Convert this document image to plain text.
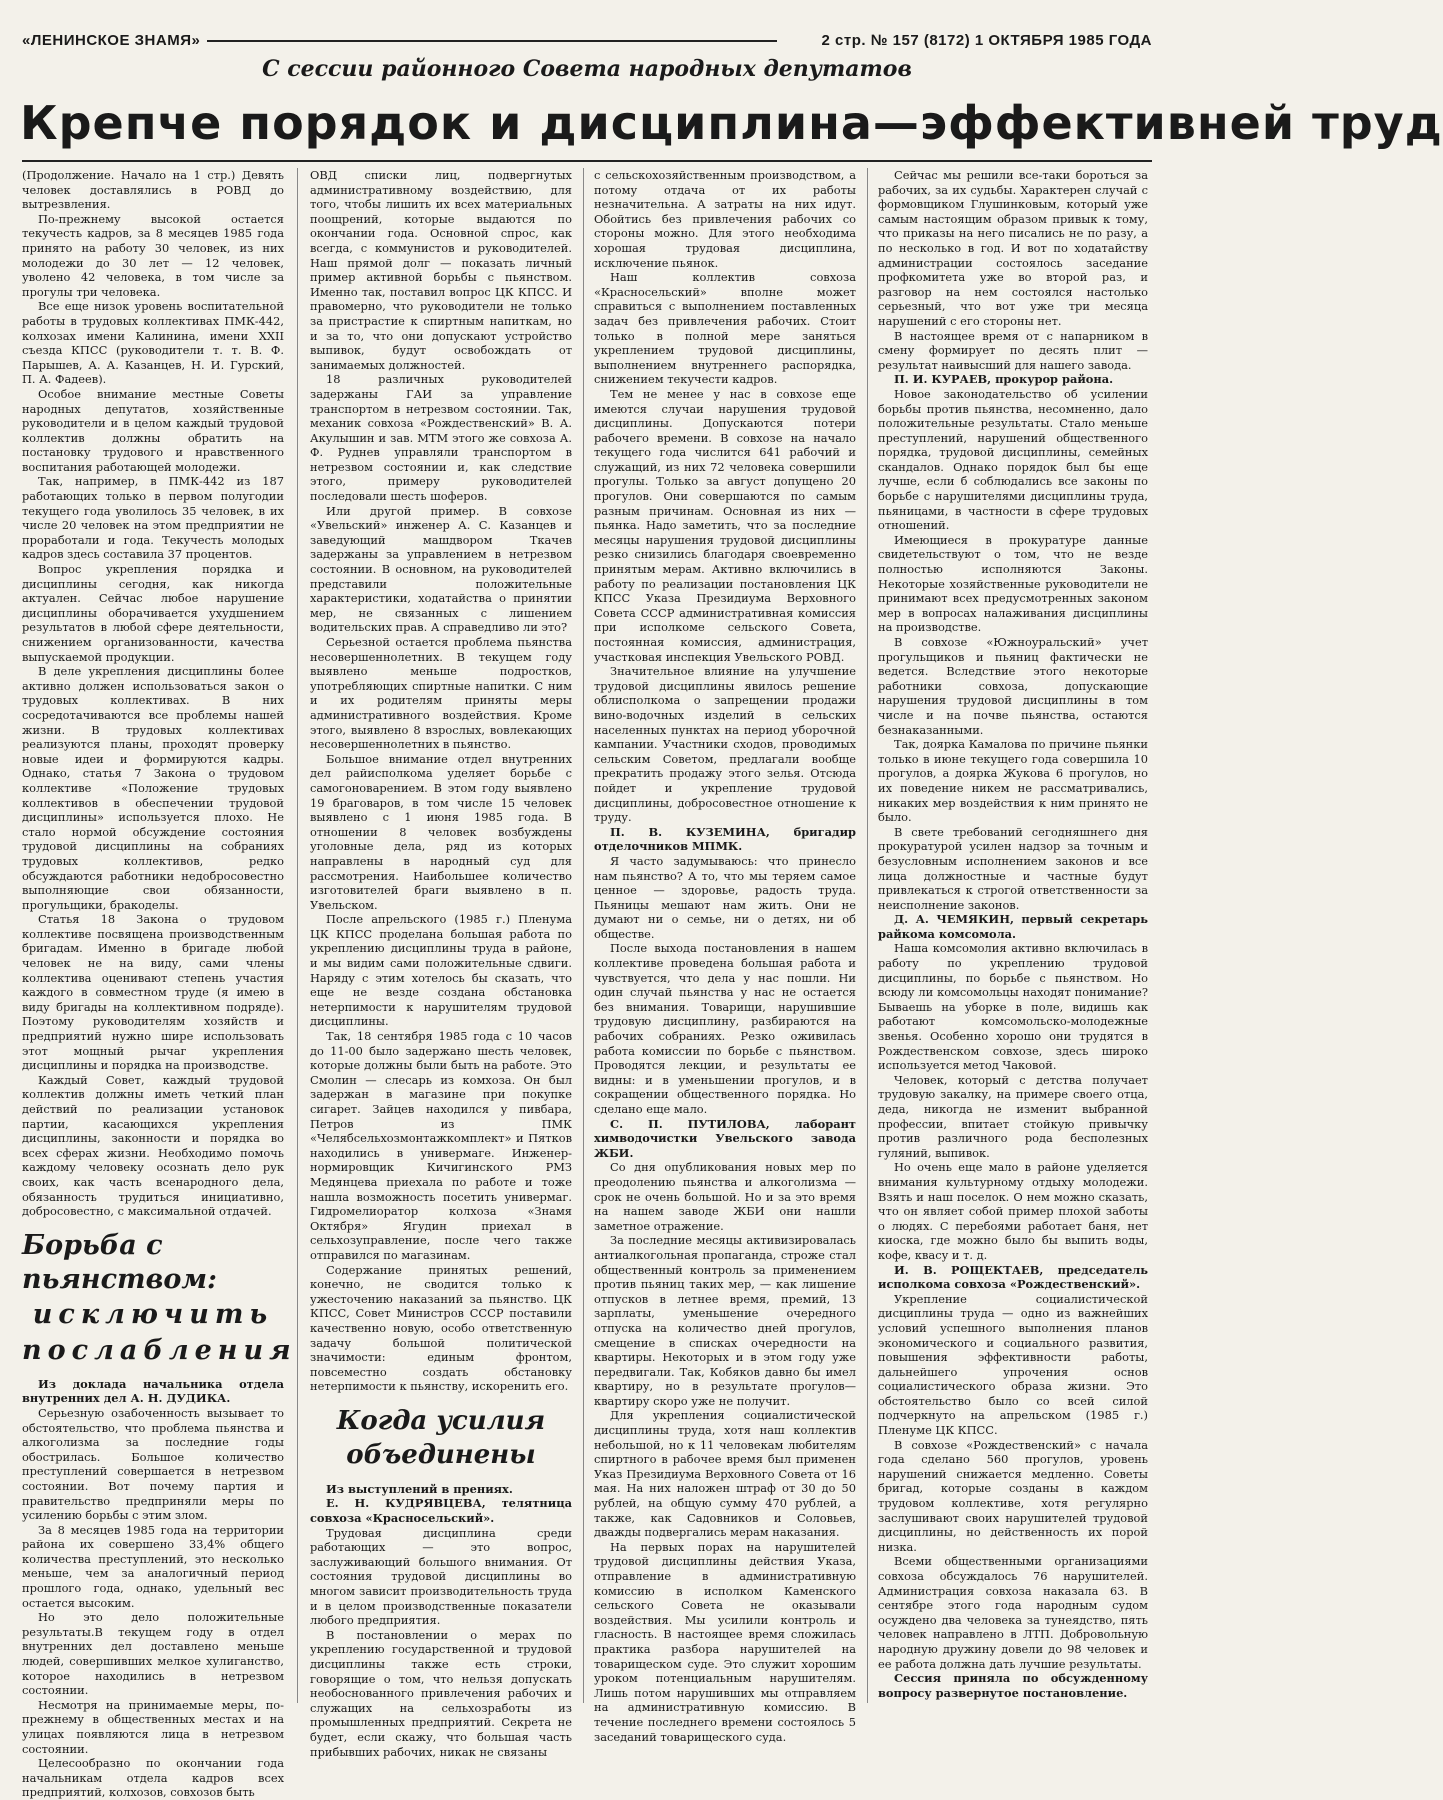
«ЛЕНИНСКОЕ ЗНАМЯ»	2 стр. № 157 (8172) 1 ОКТЯБРЯ 1985 ГОДА
С сессии районного Совета народных депутатов
Крепче порядок и дисциплина—эффективней труд

(Продолжение. Начало на 1 стр.) Девять человек доставлялись в РОВД до вытрезвления.

По-прежнему высокой остается текучесть кадров, за 8 месяцев 1985 года принято на работу 30 человек, из них молодежи до 30 лет — 12 человек, уволено 42 человека, в том числе за прогулы три человека.

Все еще низок уровень воспитательной работы в трудовых коллективах ПМК-442, колхозах имени Калинина, имени XXII съезда КПСС (руководители т. т. В. Ф. Парышев, А. А. Казанцев, Н. И. Гурский, П. А. Фадеев).

Особое внимание местные Советы народных депутатов, хозяйственные руководители и в целом каждый трудовой коллектив должны обратить на постановку трудового и нравственного воспитания работающей молодежи.

Так, например, в ПМК-442 из 187 работающих только в первом полугодии текущего года уволилось 35 человек, в их числе 20 человек на этом предприятии не проработали и года. Текучесть молодых кадров здесь составила 37 процентов.

Вопрос укрепления порядка и дисциплины сегодня, как никогда актуален. Сейчас любое нарушение дисциплины оборачивается ухудшением результатов в любой сфере деятельности, снижением организованности, качества выпускаемой продукции.

В деле укрепления дисциплины более активно должен использоваться закон о трудовых коллективах. В них сосредотачиваются все проблемы нашей жизни. В трудовых коллективах реализуются планы, проходят проверку новые идеи и формируются кадры. Однако, статья 7 Закона о трудовом коллективе «Положение трудовых коллективов в обеспечении трудовой дисциплины» используется плохо. Не стало нормой обсуждение состояния трудовой дисциплины на собраниях трудовых коллективов, редко обсуждаются работники недобросовестно выполняющие свои обязанности, прогульщики, бракоделы.

Статья 18 Закона о трудовом коллективе посвящена производственным бригадам. Именно в бригаде любой человек не на виду, сами члены коллектива оценивают степень участия каждого в совместном труде (я имею в виду бригады на коллективном подряде). Поэтому руководителям хозяйств и предприятий нужно шире использовать этот мощный рычаг укрепления дисциплины и порядка на производстве.

Каждый Совет, каждый трудовой коллектив должны иметь четкий план действий по реализации установок партии, касающихся укрепления дисциплины, законности и порядка во всех сферах жизни. Необходимо помочь каждому человеку осознать дело рук своих, как часть всенародного дела, обязанность трудиться инициативно, добросовестно, с максимальной отдачей.

Борьба с пьянством:
исключить
послабления

Из доклада начальника отдела внутренних дел А. Н. ДУДИКА.

Серьезную озабоченность вызывает то обстоятельство, что проблема пьянства и алкоголизма за последние годы обострилась. Большое количество преступлений совершается в нетрезвом состоянии. Вот почему партия и правительство предприняли меры по усилению борьбы с этим злом.

За 8 месяцев 1985 года на территории района их совершено 33,4% общего количества преступлений, это несколько меньше, чем за аналогичный период прошлого года, однако, удельный вес остается высоким.

Но это дело положительные результаты.В текущем году в отдел внутренних дел доставлено меньше людей, совершивших мелкое хулиганство, которое находились в нетрезвом состоянии.

Несмотря на принимаемые меры, по-прежнему в общественных местах и на улицах появляются лица в нетрезвом состоянии.

Целесообразно по окончании года начальникам отдела кадров всех предприятий, колхозов, совхозов быть

ОВД списки лиц, подвергнутых административному воздействию, для того, чтобы лишить их всех материальных поощрений, которые выдаются по окончании года. Основной спрос, как всегда, с коммунистов и руководителей. Наш прямой долг — показать личный пример активной борьбы с пьянством. Именно так, поставил вопрос ЦК КПСС. И правомерно, что руководители не только за пристрастие к спиртным напиткам, но и за то, что они допускают устройство выпивок, будут освобождать от занимаемых должностей.

18 различных руководителей задержаны ГАИ за управление транспортом в нетрезвом состоянии. Так, механик совхоза «Рождественский» В. А. Акулышин и зав. МТМ этого же совхоза А. Ф. Руднев управляли транспортом в нетрезвом состоянии и, как следствие этого, примеру руководителей последовали шесть шоферов.

Или другой пример. В совхозе «Увельский» инженер А. С. Казанцев и заведующий машдвором Ткачев задержаны за управлением в нетрезвом состоянии. В основном, на руководителей представили положительные характеристики, ходатайства о принятии мер, не связанных с лишением водительских прав. А справедливо ли это?

Серьезной остается проблема пьянства несовершеннолетних. В текущем году выявлено меньше подростков, употребляющих спиртные напитки. С ним и их родителям приняты меры административного воздействия. Кроме этого, выявлено 8 взрослых, вовлекающих несовершеннолетних в пьянство.

Большое внимание отдел внутренних дел райисполкома уделяет борьбе с самогоноварением. В этом году выявлено 19 браговаров, в том числе 15 человек выявлено с 1 июня 1985 года. В отношении 8 человек возбуждены уголовные дела, ряд из которых направлены в народный суд для рассмотрения. Наибольшее количество изготовителей браги выявлено в п. Увельском.

После апрельского (1985 г.) Пленума ЦК КПСС проделана большая работа по укреплению дисциплины труда в районе, и мы видим сами положительные сдвиги. Наряду с этим хотелось бы сказать, что еще не везде создана обстановка нетерпимости к нарушителям трудовой дисциплины.

Так, 18 сентября 1985 года с 10 часов до 11-00 было задержано шесть человек, которые должны были быть на работе. Это Смолин — слесарь из комхоза. Он был задержан в магазине при покупке сигарет. Зайцев находился у пивбара, Петров из ПМК «Челябсельхозмонтажкомплект» и Пятков находились в универмаге. Инженер-нормировщик Кичигинского РМЗ Медянцева приехала по работе и тоже нашла возможность посетить универмаг. Гидромелиоратор колхоза «Знамя Октября» Ягудин приехал в сельхозуправление, после чего также отправился по магазинам.

Содержание принятых решений, конечно, не сводится только к ужесточению наказаний за пьянство. ЦК КПСС, Совет Министров СССР поставили качественно новую, особо ответственную задачу большой политической значимости: единым фронтом, повсеместно создать обстановку нетерпимости к пьянству, искоренить его.

Когда усилия
объединены

Из выступлений в прениях.

Е. Н. КУДРЯВЦЕВА, телятница совхоза «Красносельский».

Трудовая дисциплина среди работающих — это вопрос, заслуживающий большого внимания. От состояния трудовой дисциплины во многом зависит производительность труда и в целом производственные показатели любого предприятия.

В постановлении о мерах по укреплению государственной и трудовой дисциплины также есть строки, говорящие о том, что нельзя допускать необоснованного привлечения рабочих и служащих на сельхозработы из промышленных предприятий. Секрета не будет, если скажу, что большая часть прибывших рабочих, никак не связаны

с сельскохозяйственным производством, а потому отдача от их работы незначительна. А затраты на них идут. Обойтись без привлечения рабочих со стороны можно. Для этого необходима хорошая трудовая дисциплина, исключение пьянок.

Наш коллектив совхоза «Красносельский» вполне может справиться с выполнением поставленных задач без привлечения рабочих. Стоит только в полной мере заняться укреплением трудовой дисциплины, выполнением внутреннего распорядка, снижением текучести кадров.

Тем не менее у нас в совхозе еще имеются случаи нарушения трудовой дисциплины. Допускаются потери рабочего времени. В совхозе на начало текущего года числится 641 рабочий и служащий, из них 72 человека совершили прогулы. Только за август допущено 20 прогулов. Они совершаются по самым разным причинам. Основная из них — пьянка. Надо заметить, что за последние месяцы нарушения трудовой дисциплины резко снизились благодаря своевременно принятым мерам. Активно включились в работу по реализации постановления ЦК КПСС Указа Президиума Верховного Совета СССР административная комиссия при исполкоме сельского Совета, постоянная комиссия, администрация, участковая инспекция Увельского РОВД.

Значительное влияние на улучшение трудовой дисциплины явилось решение облисполкома о запрещении продажи вино-водочных изделий в сельских населенных пунктах на период уборочной кампании. Участники сходов, проводимых сельским Советом, предлагали вообще прекратить продажу этого зелья. Отсюда пойдет и укрепление трудовой дисциплины, добросовестное отношение к труду.

П. В. КУЗЕМИНА, бригадир отделочников МПМК.

Я часто задумываюсь: что принесло нам пьянство? А то, что мы теряем самое ценное — здоровье, радость труда. Пьяницы мешают нам жить. Они не думают ни о семье, ни о детях, ни об обществе.

После выхода постановления в нашем коллективе проведена большая работа и чувствуется, что дела у нас пошли. Ни один случай пьянства у нас не остается без внимания. Товарищи, нарушившие трудовую дисциплину, разбираются на рабочих собраниях. Резко оживилась работа комиссии по борьбе с пьянством. Проводятся лекции, и результаты ее видны: и в уменьшении прогулов, и в сокращении общественного порядка. Но сделано еще мало.

С. П. ПУТИЛОВА, лаборант химводочистки Увельского завода ЖБИ.

Со дня опубликования новых мер по преодолению пьянства и алкоголизма — срок не очень большой. Но и за это время на нашем заводе ЖБИ они нашли заметное отражение.

За последние месяцы активизировалась антиалкогольная пропаганда, строже стал общественный контроль за применением против пьяниц таких мер, — как лишение отпусков в летнее время, премий, 13 зарплаты, уменьшение очередного отпуска на количество дней прогулов, смещение в списках очередности на квартиры. Некоторых и в этом году уже передвигали. Так, Кобяков давно бы имел квартиру, но в результате прогулов— квартиру скоро уже не получит.

Для укрепления социалистической дисциплины труда, хотя наш коллектив небольшой, но к 11 человекам любителям спиртного в рабочее время был применен Указ Президиума Верховного Совета от 16 мая. На них наложен штраф от 30 до 50 рублей, на общую сумму 470 рублей, а также, как Садовников и Соловьев, дважды подвергались мерам наказания.

На первых порах на нарушителей трудовой дисциплины действия Указа, отправление в административную комиссию в исполком Каменского сельского Совета не оказывали воздействия. Мы усилили контроль и гласность. В настоящее время сложилась практика разбора нарушителей на товарищеском суде. Это служит хорошим уроком потенциальным нарушителям. Лишь потом нарушивших мы отправляем на административную комиссию. В течение последнего времени состоялось 5 заседаний товарищеского суда.

Сейчас мы решили все-таки бороться за рабочих, за их судьбы. Характерен случай с формовщиком Глушинковым, который уже самым настоящим образом привык к тому, что приказы на него писались не по разу, а по несколько в год. И вот по ходатайству администрации состоялось заседание профкомитета уже во второй раз, и разговор на нем состоялся настолько серьезный, что вот уже три месяца нарушений с его стороны нет.

В настоящее время от с напарником в смену формирует по десять плит — результат наивысший для нашего завода.

П. И. КУРАЕВ, прокурор района.

Новое законодательство об усилении борьбы против пьянства, несомненно, дало положительные результаты. Стало меньше преступлений, нарушений общественного порядка, трудовой дисциплины, семейных скандалов. Однако порядок был бы еще лучше, если б соблюдались все законы по борьбе с нарушителями дисциплины труда, пьяницами, в частности в сфере трудовых отношений.

Имеющиеся в прокуратуре данные свидетельствуют о том, что не везде полностью исполняются Законы. Некоторые хозяйственные руководители не принимают всех предусмотренных законом мер в вопросах налаживания дисциплины на производстве.

В совхозе «Южноуральский» учет прогульщиков и пьяниц фактически не ведется. Вследствие этого некоторые работники совхоза, допускающие нарушения трудовой дисциплины в том числе и на почве пьянства, остаются безнаказанными.

Так, доярка Камалова по причине пьянки только в июне текущего года совершила 10 прогулов, а доярка Жукова 6 прогулов, но их поведение никем не рассматривались, никаких мер воздействия к ним принято не было.

В свете требований сегодняшнего дня прокуратурой усилен надзор за точным и безусловным исполнением законов и все лица должностные и частные будут привлекаться к строгой ответственности за неисполнение законов.

Д. А. ЧЕМЯКИН, первый секретарь райкома комсомола.

Наша комсомолия активно включилась в работу по укреплению трудовой дисциплины, по борьбе с пьянством. Но всюду ли комсомольцы находят понимание? Бываешь на уборке в поле, видишь как работают комсомольско-молодежные звенья. Особенно хорошо они трудятся в Рождественском совхозе, здесь широко используется метод Чаковой.

Человек, который с детства получает трудовую закалку, на примере своего отца, деда, никогда не изменит выбранной профессии, впитает стойкую привычку против различного рода бесполезных гуляний, выпивок.

Но очень еще мало в районе уделяется внимания культурному отдыху молодежи. Взять и наш поселок. О нем можно сказать, что он являет собой пример плохой заботы о людях. С перебоями работает баня, нет киоска, где можно было бы выпить воды, кофе, квасу и т. д.

И. В. РОЩЕКТАЕВ, председатель исполкома совхоза «Рождественский».

Укрепление социалистической дисциплины труда — одно из важнейших условий успешного выполнения планов экономического и социального развития, повышения эффективности работы, дальнейшего упрочения основ социалистического образа жизни. Это обстоятельство было со всей силой подчеркнуто на апрельском (1985 г.) Пленуме ЦК КПСС.

В совхозе «Рождественский» с начала года сделано 560 прогулов, уровень нарушений снижается медленно. Советы бригад, которые созданы в каждом трудовом коллективе, хотя регулярно заслушивают своих нарушителей трудовой дисциплины, но действенность их порой низка.

Всеми общественными организациями совхоза обсуждалось 76 нарушителей. Администрация совхоза наказала 63. В сентябре этого года народным судом осуждено два человека за тунеядство, пять человек направлено в ЛТП. Добровольную народную дружину довели до 98 человек и ее работа должна дать лучшие результаты.

Сессия приняла по обсужденному вопросу развернутое постановление.
